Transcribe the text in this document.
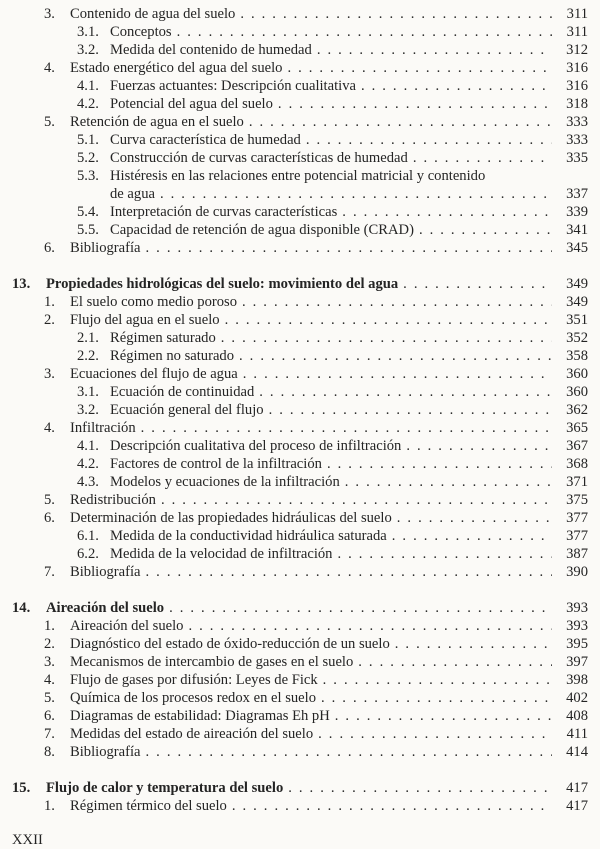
3.	Contenido de agua del suelo .....	311
3.1. Conceptos .....	311
3.2. Medida del contenido de humedad .....	312
4.	Estado energético del agua del suelo .....	316
4.1. Fuerzas actuantes: Descripción cualitativa .....	316
4.2. Potencial del agua del suelo .....	318
5.	Retención de agua en el suelo .....	333
5.1. Curva característica de humedad .....	333
5.2. Construcción de curvas características de humedad .....	335
5.3. Histéresis en las relaciones entre potencial matricial y contenido
de agua .....	337
5.4. Interpretación de curvas características .....	339
5.5. Capacidad de retención de agua disponible (CRAD) .....	341
6.	Bibliografía .....	345
13.	Propiedades hidrológicas del suelo: movimiento del agua .....	349
1.	El suelo como medio poroso .....	349
2.	Flujo del agua en el suelo .....	351
2.1. Régimen saturado .....	352
2.2. Régimen no saturado .....	358
3.	Ecuaciones del flujo de agua .....	360
3.1. Ecuación de continuidad .....	360
3.2. Ecuación general del flujo .....	362
4.	Infiltración .....	365
4.1. Descripción cualitativa del proceso de infiltración .....	367
4.2. Factores de control de la infiltración .....	368
4.3. Modelos y ecuaciones de la infiltración .....	371
5.	Redistribución .....	375
6.	Determinación de las propiedades hidráulicas del suelo .....	377
6.1. Medida de la conductividad hidráulica saturada .....	377
6.2. Medida de la velocidad de infiltración .....	387
7.	Bibliografía .....	390
14.	Aireación del suelo .....	393
1.	Aireación del suelo .....	393
2.	Diagnóstico del estado de óxido-reducción de un suelo .....	395
3.	Mecanismos de intercambio de gases en el suelo .....	397
4.	Flujo de gases por difusión: Leyes de Fick .....	398
5.	Química de los procesos redox en el suelo .....	402
6.	Diagramas de estabilidad: Diagramas Eh pH .....	408
7.	Medidas del estado de aireación del suelo .....	411
8.	Bibliografía .....	414
15.	Flujo de calor y temperatura del suelo .....	417
1.	Régimen térmico del suelo .....	417
XXII
